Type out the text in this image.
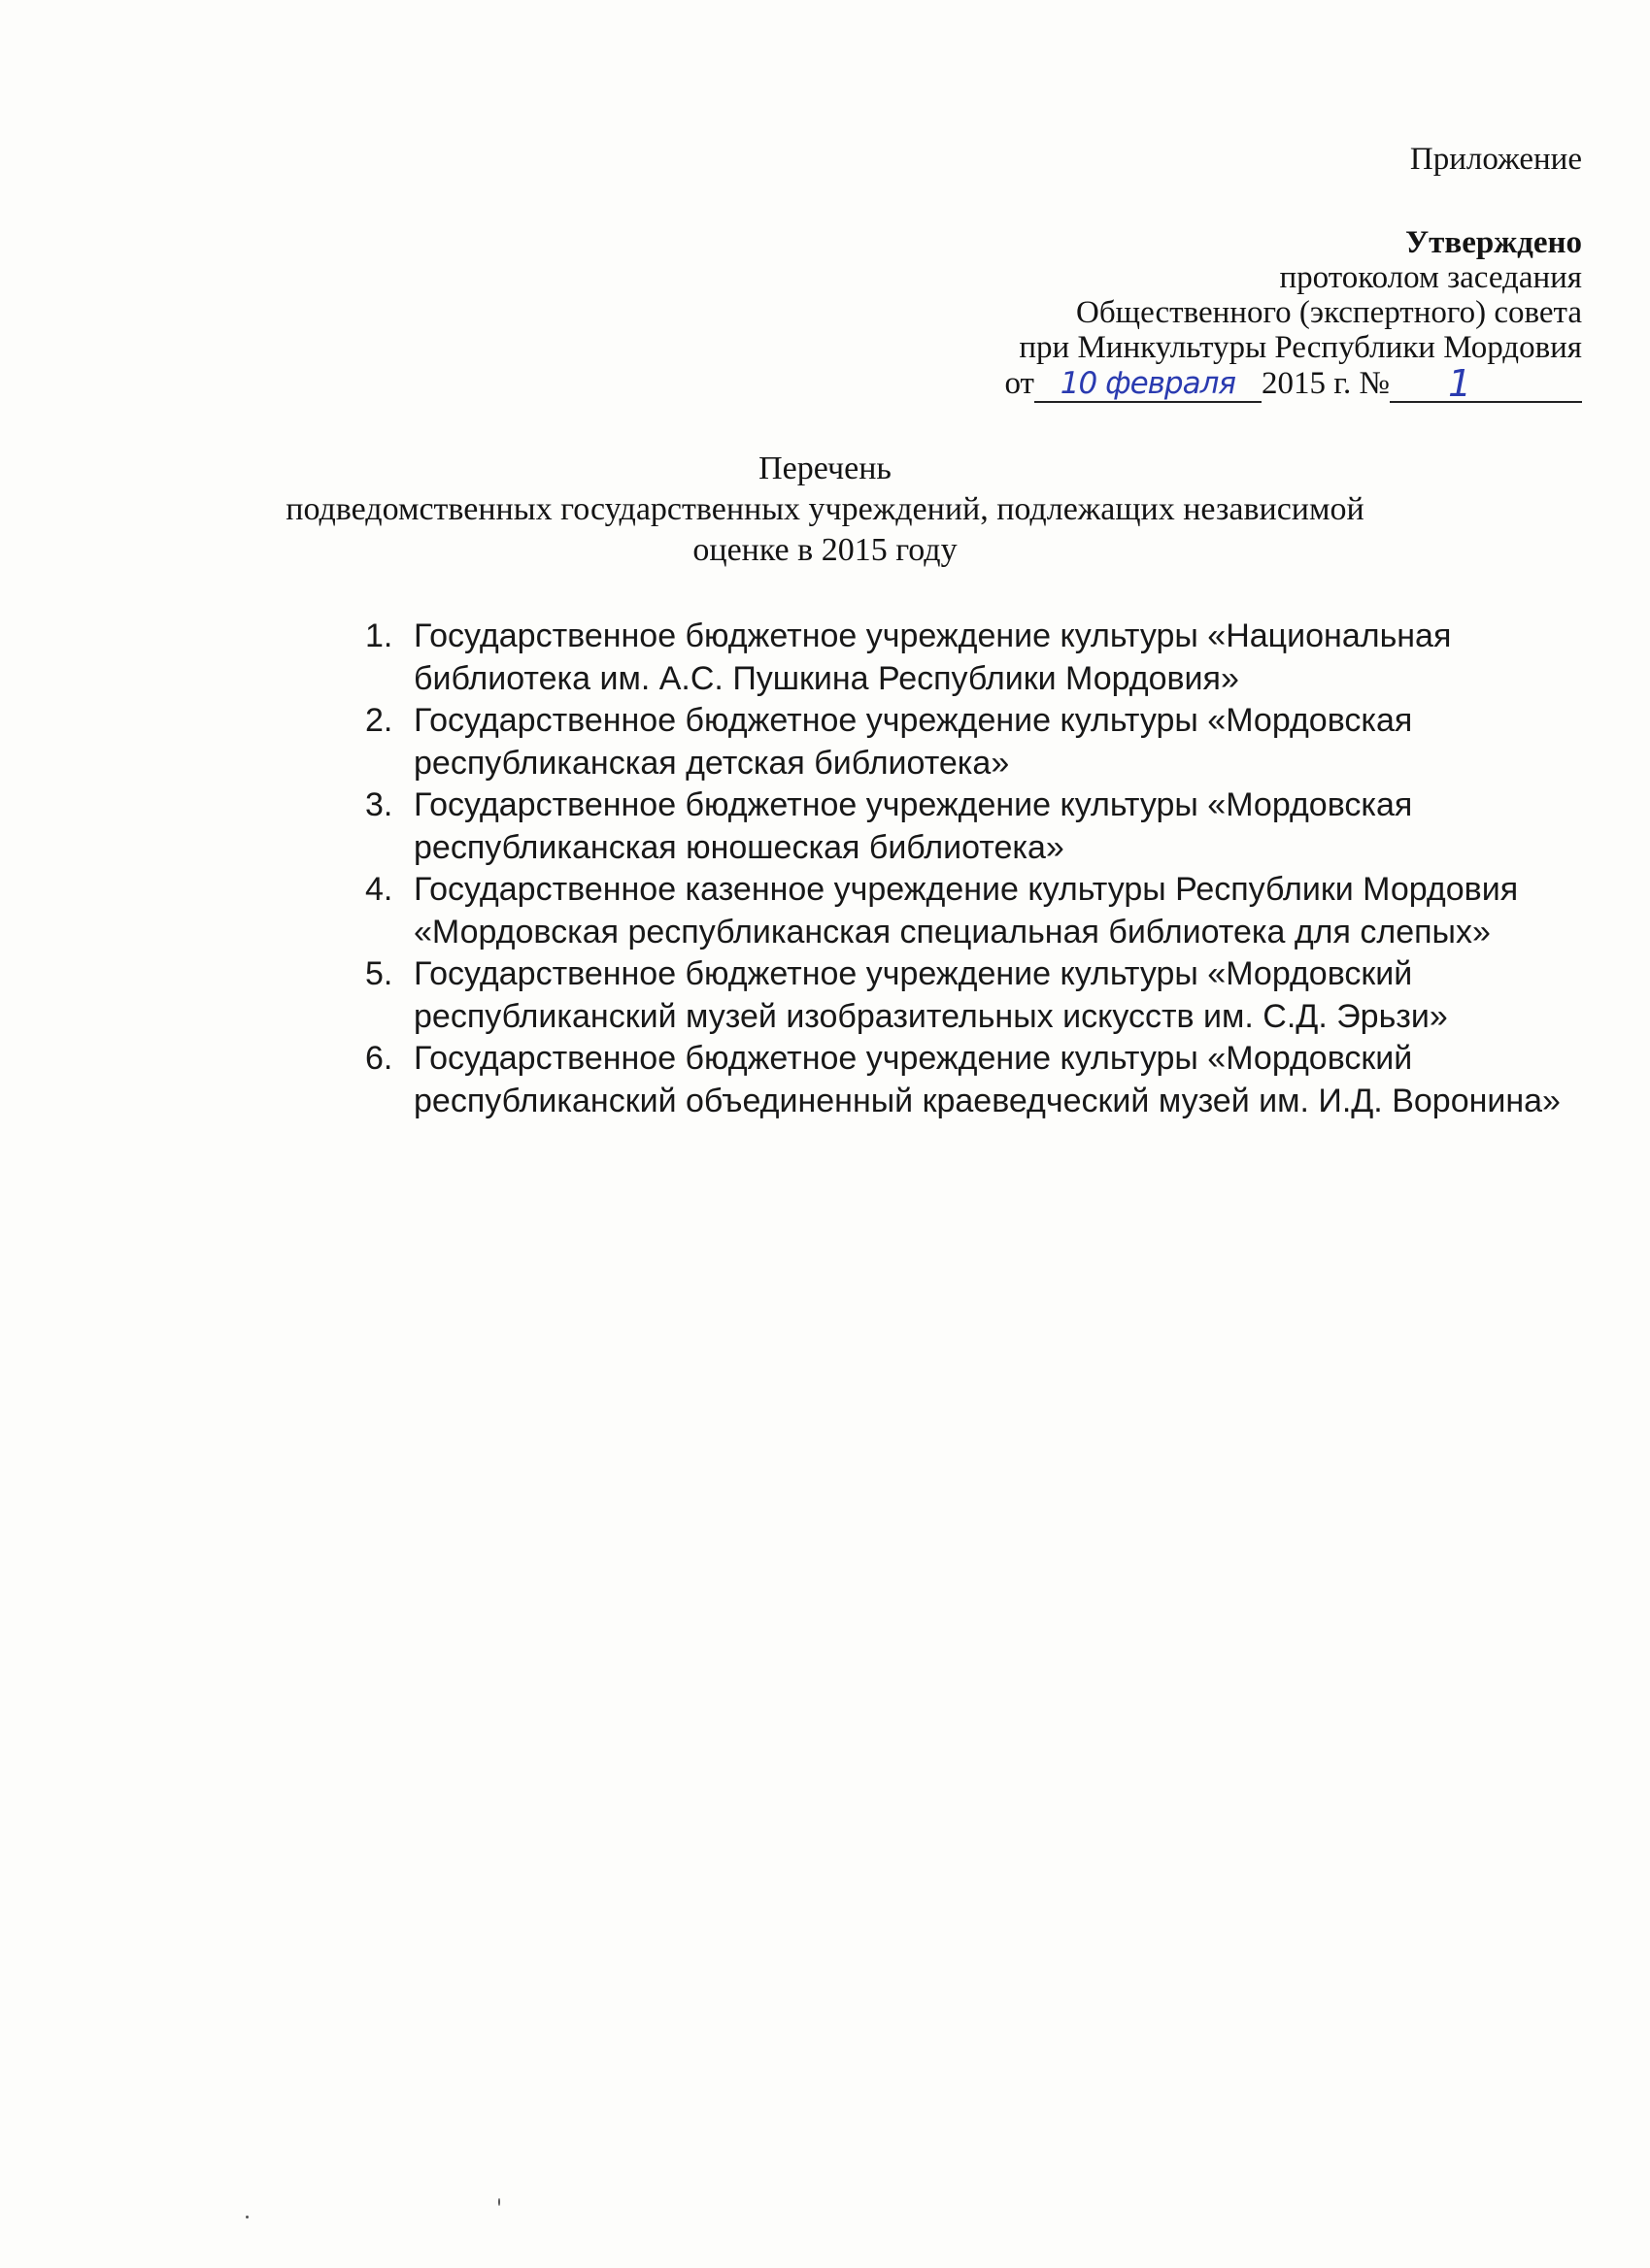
Приложение
Утверждено
протоколом заседания
Общественного (экспертного) совета
при Минкультуры Республики Мордовия
от 10 февраля 2015 г. № 1
Перечень
подведомственных государственных учреждений, подлежащих независимой
оценке в 2015 году
1. Государственное бюджетное учреждение культуры «Национальная библиотека им. А.С. Пушкина Республики Мордовия»
2. Государственное бюджетное учреждение культуры «Мордовская республиканская детская библиотека»
3. Государственное бюджетное учреждение культуры «Мордовская республиканская юношеская библиотека»
4. Государственное казенное учреждение культуры Республики Мордовия «Мордовская республиканская специальная библиотека для слепых»
5. Государственное бюджетное учреждение культуры «Мордовский республиканский музей изобразительных искусств им. С.Д. Эрьзи»
6. Государственное бюджетное учреждение культуры «Мордовский республиканский объединенный краеведческий музей им. И.Д. Воронина»
